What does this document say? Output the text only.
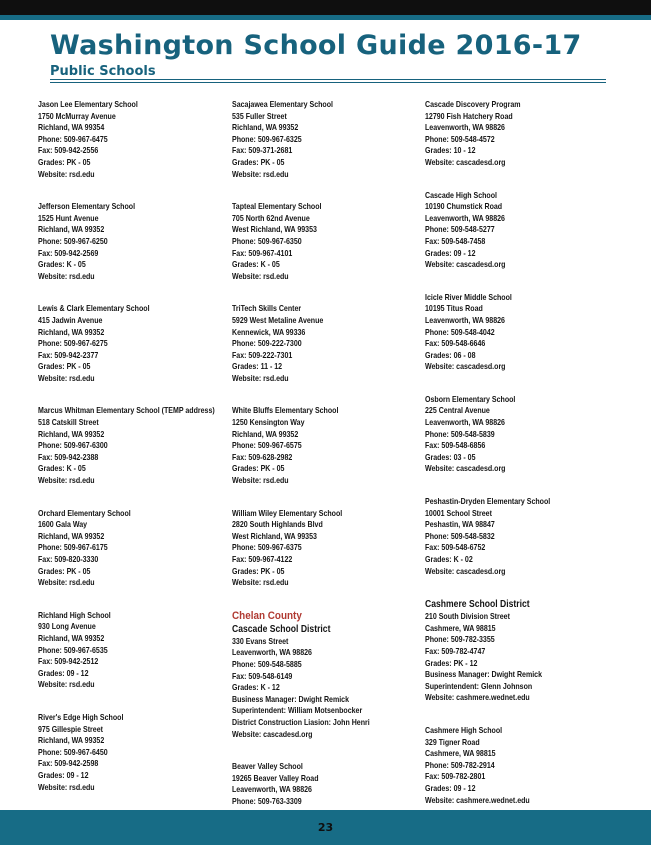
Washington School Guide 2016-17
Public Schools
Jason Lee Elementary School
1750 McMurray Avenue
Richland, WA 99354
Phone: 509-967-6475
Fax: 509-942-2556
Grades: PK - 05
Website: rsd.edu
Jefferson Elementary School
1525 Hunt Avenue
Richland, WA 99352
Phone: 509-967-6250
Fax: 509-942-2569
Grades: K - 05
Website: rsd.edu
Lewis & Clark Elementary School
415 Jadwin Avenue
Richland, WA 99352
Phone: 509-967-6275
Fax: 509-942-2377
Grades: PK - 05
Website: rsd.edu
Marcus Whitman Elementary School (TEMP address)
518 Catskill Street
Richland, WA 99352
Phone: 509-967-6300
Fax: 509-942-2388
Grades: K - 05
Website: rsd.edu
Orchard Elementary School
1600 Gala Way
Richland, WA 99352
Phone: 509-967-6175
Fax: 509-820-3330
Grades: PK - 05
Website: rsd.edu
Richland High School
930 Long Avenue
Richland, WA 99352
Phone: 509-967-6535
Fax: 509-942-2512
Grades: 09 - 12
Website: rsd.edu
River's Edge High School
975 Gillespie Street
Richland, WA 99352
Phone: 509-967-6450
Fax: 509-942-2598
Grades: 09 - 12
Website: rsd.edu
Sacajawea Elementary School
535 Fuller Street
Richland, WA 99352
Phone: 509-967-6325
Fax: 509-371-2681
Grades: PK - 05
Website: rsd.edu
Tapteal Elementary School
705 North 62nd Avenue
West Richland, WA 99353
Phone: 509-967-6350
Fax: 509-967-4101
Grades: K - 05
Website: rsd.edu
TriTech Skills Center
5929 West Metaline Avenue
Kennewick, WA 99336
Phone: 509-222-7300
Fax: 509-222-7301
Grades: 11 - 12
Website: rsd.edu
White Bluffs Elementary School
1250 Kensington Way
Richland, WA 99352
Phone: 509-967-6575
Fax: 509-628-2982
Grades: PK - 05
Website: rsd.edu
William Wiley Elementary School
2820 South Highlands Blvd
West Richland, WA 99353
Phone: 509-967-6375
Fax: 509-967-4122
Grades: PK - 05
Website: rsd.edu
Chelan County
Cascade School District
330 Evans Street
Leavenworth, WA 98826
Phone: 509-548-5885
Fax: 509-548-6149
Grades: K - 12
Business Manager: Dwight Remick
Superintendent: William Motsenbocker
District Construction Liasion: John Henri
Website: cascadesd.org
Beaver Valley School
19265 Beaver Valley Road
Leavenworth, WA 98826
Phone: 509-763-3309
Cascade Discovery Program
12790 Fish Hatchery Road
Leavenworth, WA 98826
Phone: 509-548-4572
Grades: 10 - 12
Website: cascadesd.org
Cascade High School
10190 Chumstick Road
Leavenworth, WA 98826
Phone: 509-548-5277
Fax: 509-548-7458
Grades: 09 - 12
Website: cascadesd.org
Icicle River Middle School
10195 Titus Road
Leavenworth, WA 98826
Phone: 509-548-4042
Fax: 509-548-6646
Grades: 06 - 08
Website: cascadesd.org
Osborn Elementary School
225 Central Avenue
Leavenworth, WA 98826
Phone: 509-548-5839
Fax: 509-548-6856
Grades: 03 - 05
Website: cascadesd.org
Peshastin-Dryden Elementary School
10001 School Street
Peshastin, WA 98847
Phone: 509-548-5832
Fax: 509-548-6752
Grades: K - 02
Website: cascadesd.org
Cashmere School District
210 South Division Street
Cashmere, WA 98815
Phone: 509-782-3355
Fax: 509-782-4747
Grades: PK - 12
Business Manager: Dwight Remick
Superintendent: Glenn Johnson
Website: cashmere.wednet.edu
Cashmere High School
329 Tigner Road
Cashmere, WA 98815
Phone: 509-782-2914
Fax: 509-782-2801
Grades: 09 - 12
Website: cashmere.wednet.edu
23
